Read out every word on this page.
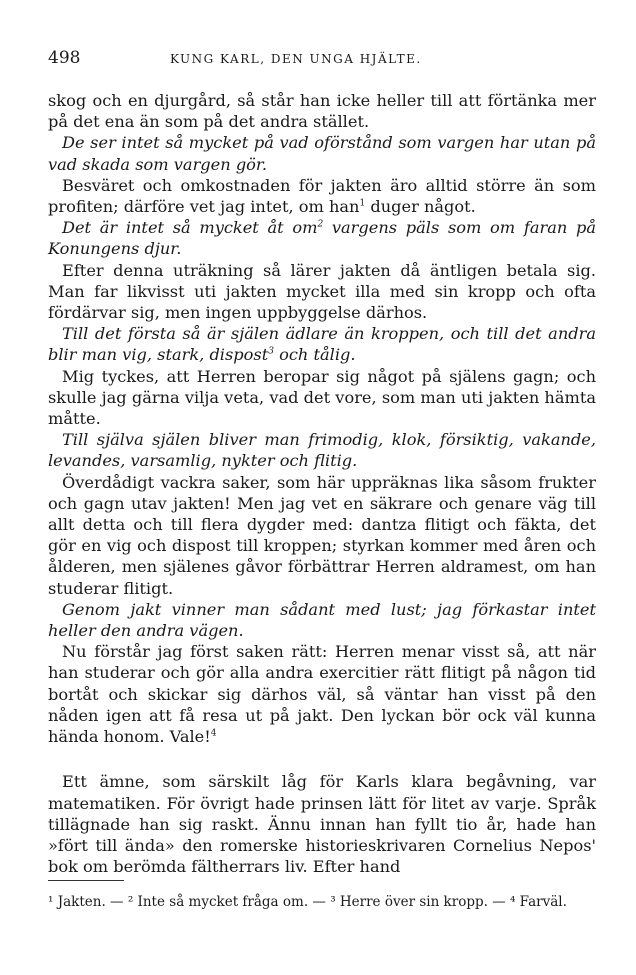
498	KUNG KARL, DEN UNGA HJÄLTE.

skog och en djurgård, så står han icke heller till att förtänka mer på det ena än som på det andra stället.

De ser intet så mycket på vad oförstånd som vargen har utan på vad skada som vargen gör.

Besväret och omkostnaden för jakten äro alltid större än som profiten; därföre vet jag intet, om han$^1$ duger något.

Det är intet så mycket åt $om^2$ vargens päls som om faran på Konungens djur.

Efter denna uträkning så lärer jakten då äntligen betala sig. Man far likvisst uti jakten mycket illa med sin kropp och ofta fördärvar sig, men ingen uppbyggelse därhos.

Till det första så är själen ädlare än kroppen, och till det andra blir man vig, stark, dispost$^3$ och tålig.

Mig tyckes, att Herren beropar sig något på själens gagn; och skulle jag gärna vilja veta, vad det vore, som man uti jakten hämta måtte.

Till själva själen bliver man frimodig, klok, försiktig, vakande, levandes, varsamlig, nykter och flitig.

Överdådigt vackra saker, som här uppräknas lika såsom frukter och gagn utav jakten! Men jag vet en säkrare och genare väg till allt detta och till flera dygder med: dantza flitigt och fäkta, det gör en vig och dispost till kroppen; styrkan kommer med åren och ålderen, men själenes gåvor förbättrar Herren aldramest, om han studerar flitigt.

Genom jakt vinner man sådant med lust; jag förkastar intet heller den andra vägen.

Nu förstår jag först saken rätt: Herren menar visst så, att när han studerar och gör alla andra exercitier rätt flitigt på någon tid bortåt och skickar sig därhos väl, så väntar han visst på den nåden igen att få resa ut på jakt. Den lyckan bör ock väl kunna hända honom. Vale!$^4$

Ett ämne, som särskilt låg för Karls klara begåvning, var matematiken. För övrigt hade prinsen lätt för litet av varje. Språk tillägnade han sig raskt. Ännu innan han fyllt tio år, hade han »fört till ända» den romerske historieskrivaren Cornelius Nepos' bok om berömda fältherrars liv. Efter hand

¹ Jakten. — ² Inte så mycket fråga om. — ³ Herre över sin kropp. — ⁴ Farväl.
